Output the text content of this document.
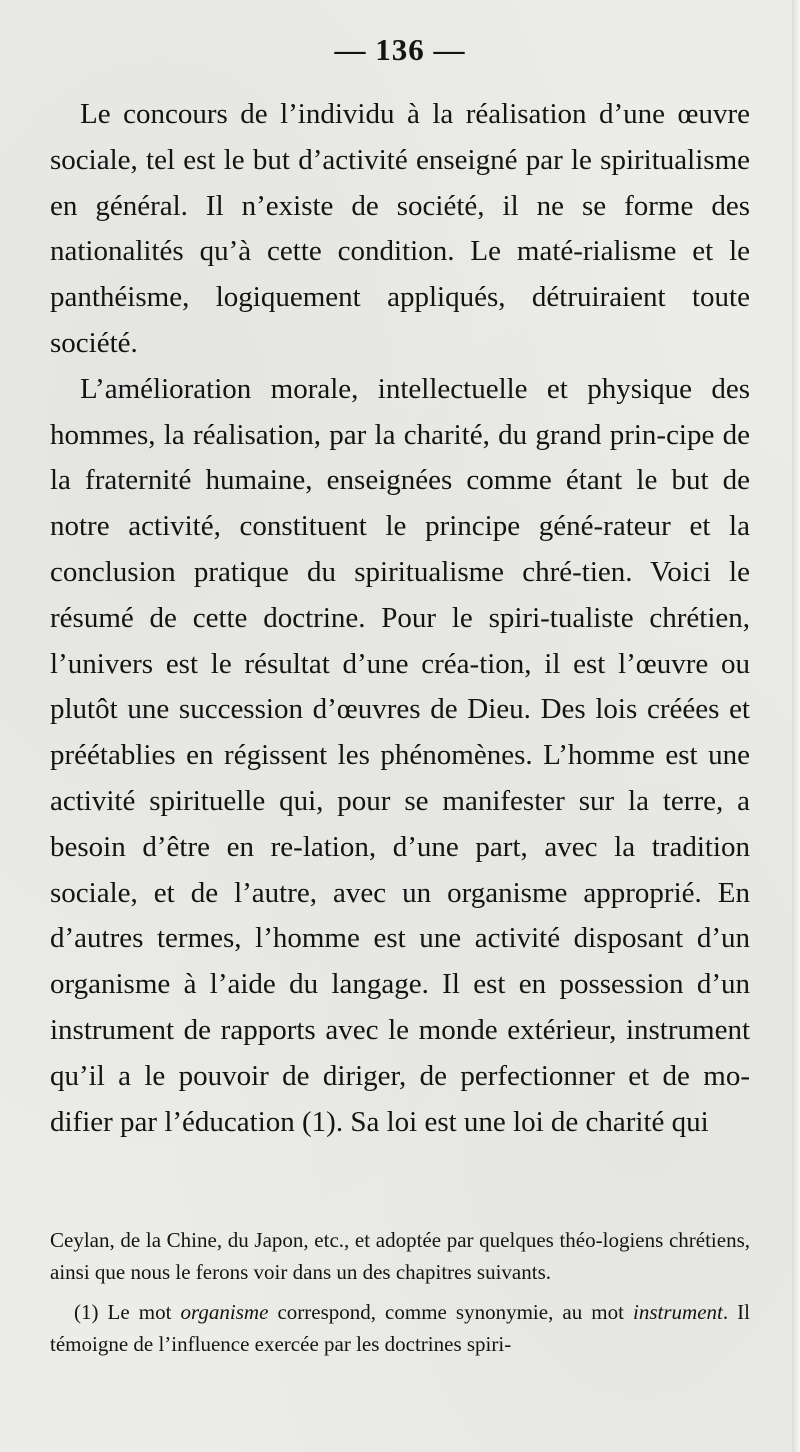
— 136 —

Le concours de l’individu à la réalisation d’une œuvre sociale, tel est le but d’activité enseigné par le spiritualisme en général. Il n’existe de société, il ne se forme des nationalités qu’à cette condition. Le maté-rialisme et le panthéisme, logiquement appliqués, détruiraient toute société.

L’amélioration morale, intellectuelle et physique des hommes, la réalisation, par la charité, du grand prin-cipe de la fraternité humaine, enseignées comme étant le but de notre activité, constituent le principe géné-rateur et la conclusion pratique du spiritualisme chré-tien. Voici le résumé de cette doctrine. Pour le spiri-tualiste chrétien, l’univers est le résultat d’une créa-tion, il est l’œuvre ou plutôt une succession d’œuvres de Dieu. Des lois créées et préétablies en régissent les phénomènes. L’homme est une activité spirituelle qui, pour se manifester sur la terre, a besoin d’être en re-lation, d’une part, avec la tradition sociale, et de l’autre, avec un organisme approprié. En d’autres termes, l’homme est une activité disposant d’un organisme à l’aide du langage. Il est en possession d’un instrument de rapports avec le monde extérieur, instrument qu’il a le pouvoir de diriger, de perfectionner et de mo-difier par l’éducation (1). Sa loi est une loi de charité qui

Ceylan, de la Chine, du Japon, etc., et adoptée par quelques théo-logiens chrétiens, ainsi que nous le ferons voir dans un des chapitres suivants.

(1) Le mot organisme correspond, comme synonymie, au mot instrument. Il témoigne de l’influence exercée par les doctrines spiri-
